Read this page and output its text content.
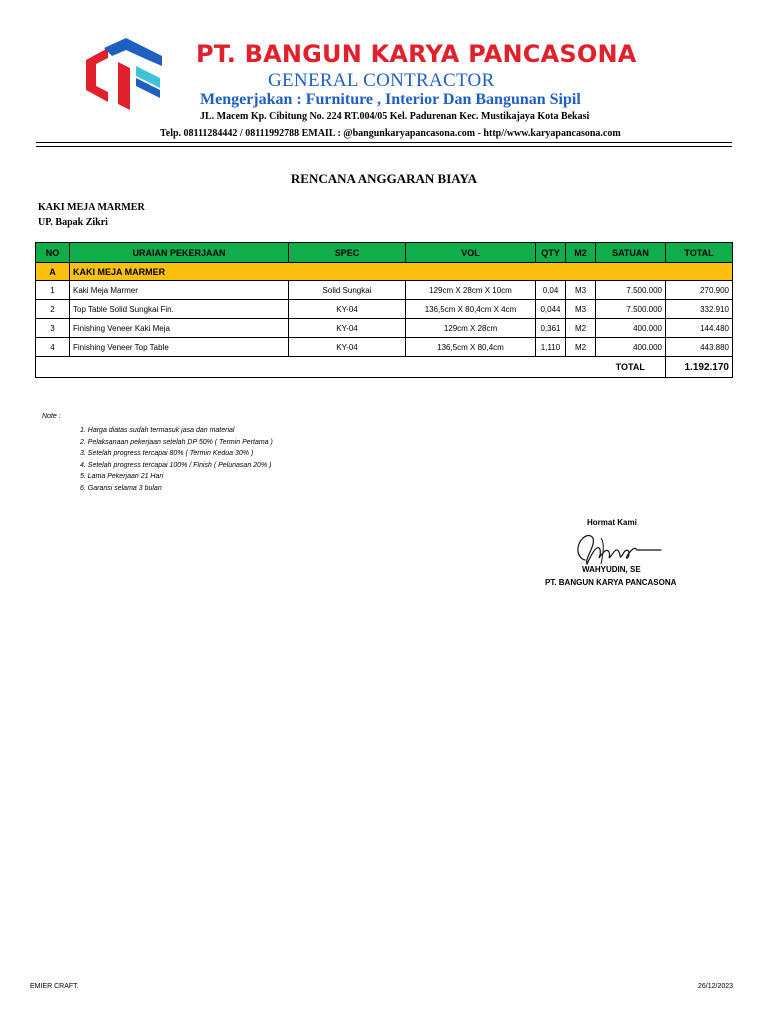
PT. BANGUN KARYA PANCASONA
GENERAL CONTRACTOR
Mengerjakan : Furniture , Interior Dan Bangunan Sipil
JL. Macem Kp. Cibitung No. 224 RT.004/05 Kel. Padurenan Kec. Mustikajaya Kota Bekasi
Telp. 08111284442 / 08111992788 EMAIL : @bangunkaryapancasona.com - http//www.karyapancasona.com
RENCANA ANGGARAN BIAYA
KAKI MEJA MARMER
UP. Bapak Zikri
NO	URAIAN PEKERJAAN	SPEC	VOL	QTY	M2	SATUAN	TOTAL
A	KAKI MEJA MARMER						
1	Kaki Meja Marmer	Solid Sungkai	129cm X 28cm X 10cm	0,04	M3	7.500.000	270.900
2	Top Table Solid Sungkai Fin.	KY-04	136,5cm X 80,4cm X 4cm	0,044	M3	7.500.000	332.910
3	Finishing Veneer Kaki Meja	KY-04	129cm X 28cm	0,361	M2	400.000	144.480
4	Finishing Veneer Top Table	KY-04	136,5cm X 80,4cm	1,110	M2	400.000	443.880
						TOTAL	1.192.170
Note :
1. Harga diatas sudah termasuk jasa dan material
2. Pelaksanaan pekerjaan setelah DP 50% ( Termin Pertama )
3. Setelah progress tercapai 80% ( Termin Kedua 30% )
4. Setelah progress tercapai 100% / Finish ( Pelunasan 20% )
5. Lama Pekerjaan 21 Hari
6. Garansi selama 3 bulan
Hormat Kami
WAHYUDIN, SE
PT. BANGUN KARYA PANCASONA
EMIER CRAFT.	26/12/2023
